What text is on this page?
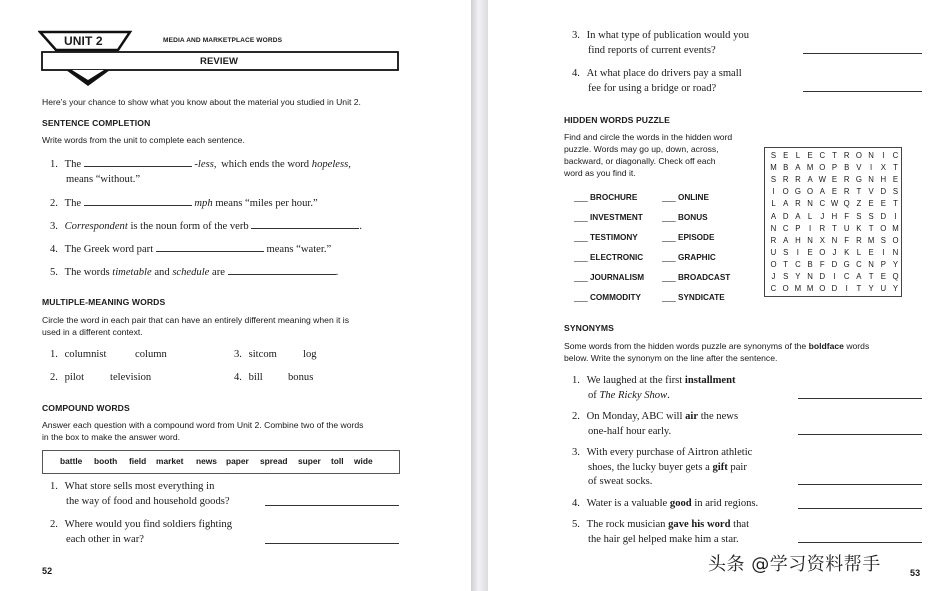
UNIT 2	MEDIA AND MARKETPLACE WORDS
REVIEW
Here’s your chance to show what you know about the material you studied in Unit 2.
SENTENCE COMPLETION
Write words from the unit to complete each sentence.
1. The	-less, which ends the word hopeless,
means “without.”
2. The	mph means “miles per hour.”
3. Correspondent is the noun form of the verb	.
4. The Greek word part	means “water.”
5. The words timetable and schedule are	.
MULTIPLE-MEANING WORDS
Circle the word in each pair that can have an entirely different meaning when it is
used in a different context.
1. columnist	column
2. pilot television
3. sitcom log
4. bill bonus
COMPOUND WORDS
Answer each question with a compound word from Unit 2. Combine two of the words
in the box to make the answer word.
battle booth field market news paper spread super toll wide
1. What store sells most everything in
the way of food and household goods?
2. Where would you find soldiers fighting
each other in war?
52
3. In what type of publication would you
find reports of current events?
4. At what place do drivers pay a small
fee for using a bridge or road?
HIDDEN WORDS PUZZLE
Find and circle the words in the hidden word
puzzle. Words may go up, down, across,
backward, or diagonally. Check off each
word as you find it.
___ BROCHURE	___ ONLINE
___ INVESTMENT ___ BONUS
___ TESTIMONY	___ EPISODE
___ ELECTRONIC ___ GRAPHIC
___ JOURNALISM ___ BROADCAST
___ COMMODITY	___ SYNDICATE
S E L E C T R O N	I	C
M B A M O P B V	I	X T
S R R A W E R G N H E
I	O G O A E R T V D S
L A R N C W Q Z E E T
A D A L	J H F S S D	I
N C P	I	R T U K T O M
R A H N X N F R M S O
U S	I	E O J K L E	I	N
O T C B F D G C N P Y
J S Y N D	I	C A T E Q
C O M M O D	I	T Y U Y
SYNONYMS
Some words from the hidden words puzzle are synonyms of the boldface words
below. Write the synonym on the line after the sentence.
1. We laughed at the first installment
of The Ricky Show.
2. On Monday, ABC will air the news
one-half hour early.
3. With every purchase of Airtron athletic
shoes, the lucky buyer gets a gift pair
of sweat socks.
4. Water is a valuable good in arid regions.
5. The rock musician gave his word that
the hair gel helped make him a star.
53
头条 @学习资料帮手
